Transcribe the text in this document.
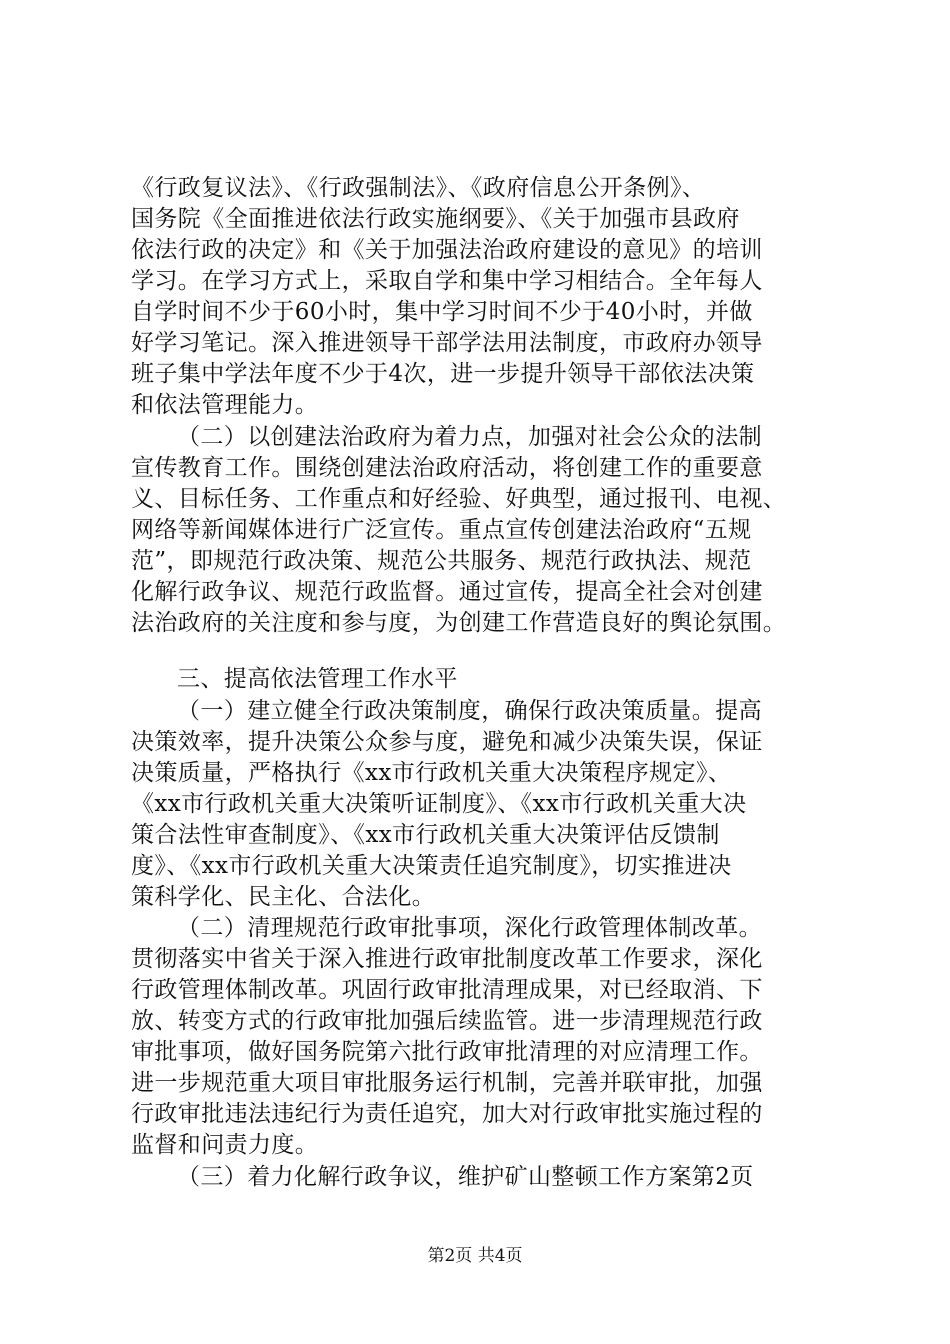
《行政复议法》、《行政强制法》、《政府信息公开条例》、
国务院《全面推进依法行政实施纲要》、《关于加强市县政府
依法行政的决定》和《关于加强法治政府建设的意见》的培训
学习。在学习方式上，采取自学和集中学习相结合。全年每人
自学时间不少于60小时，集中学习时间不少于40小时，并做
好学习笔记。深入推进领导干部学法用法制度，市政府办领导
班子集中学法年度不少于4次，进一步提升领导干部依法决策
和依法管理能力。
（二）以创建法治政府为着力点，加强对社会公众的法制
宣传教育工作。围绕创建法治政府活动，将创建工作的重要意
义、目标任务、工作重点和好经验、好典型，通过报刊、电视、
网络等新闻媒体进行广泛宣传。重点宣传创建法治政府“五规
范”，即规范行政决策、规范公共服务、规范行政执法、规范
化解行政争议、规范行政监督。通过宣传，提高全社会对创建
法治政府的关注度和参与度，为创建工作营造良好的舆论氛围。
三、提高依法管理工作水平
（一）建立健全行政决策制度，确保行政决策质量。提高
决策效率，提升决策公众参与度，避免和减少决策失误，保证
决策质量，严格执行《xx市行政机关重大决策程序规定》、
《xx市行政机关重大决策听证制度》、《xx市行政机关重大决
策合法性审查制度》、《xx市行政机关重大决策评估反馈制
度》、《xx市行政机关重大决策责任追究制度》，切实推进决
策科学化、民主化、合法化。
（二）清理规范行政审批事项，深化行政管理体制改革。
贯彻落实中省关于深入推进行政审批制度改革工作要求，深化
行政管理体制改革。巩固行政审批清理成果，对已经取消、下
放、转变方式的行政审批加强后续监管。进一步清理规范行政
审批事项，做好国务院第六批行政审批清理的对应清理工作。
进一步规范重大项目审批服务运行机制，完善并联审批，加强
行政审批违法违纪行为责任追究，加大对行政审批实施过程的
监督和问责力度。
（三）着力化解行政争议，维护矿山整顿工作方案第2页
第2页 共4页
